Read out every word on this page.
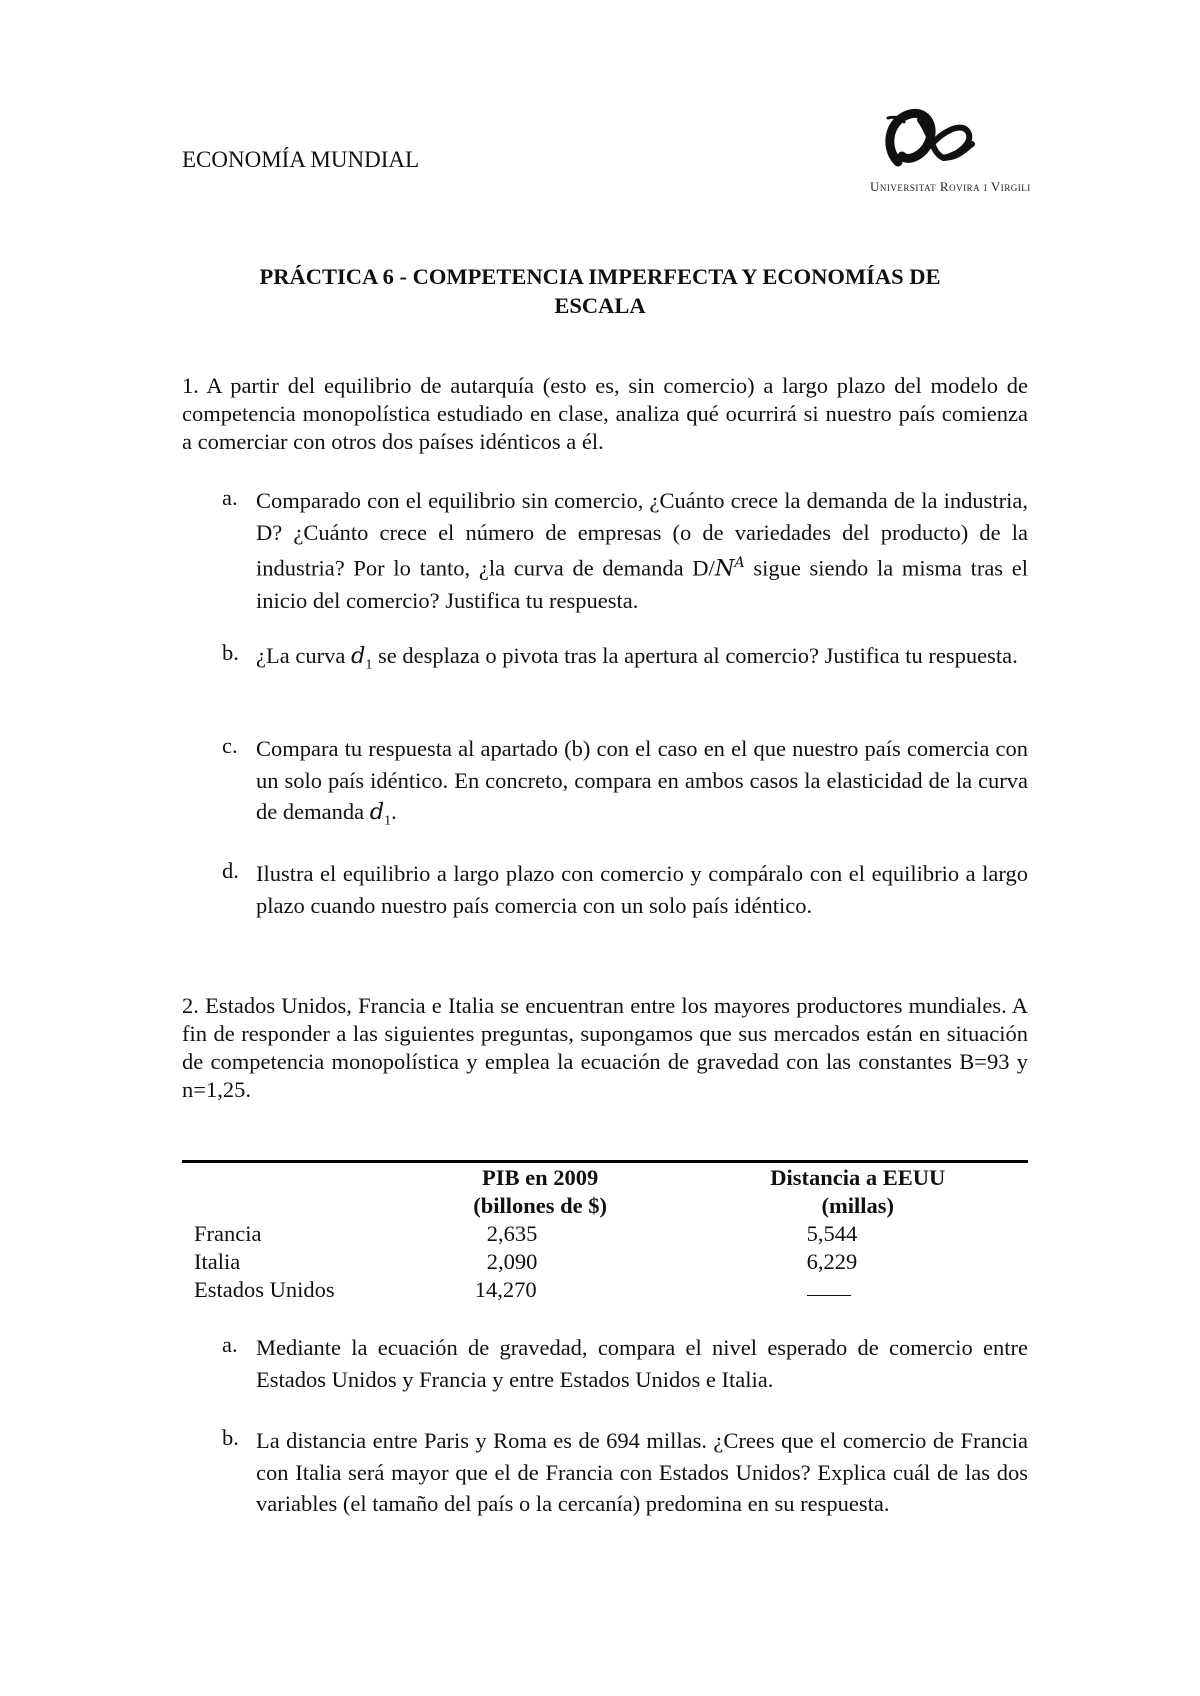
ECONOMÍA MUNDIAL
Universitat Rovira i Virgili
PRÁCTICA 6 - COMPETENCIA IMPERFECTA Y ECONOMÍAS DE
ESCALA
1. A partir del equilibrio de autarquía (esto es, sin comercio) a largo plazo del modelo de competencia monopolística estudiado en clase, analiza qué ocurrirá si nuestro país comienza a comerciar con otros dos países idénticos a él.
a. Comparado con el equilibrio sin comercio, ¿Cuánto crece la demanda de la industria, D? ¿Cuánto crece el número de empresas (o de variedades del producto) de la industria? Por lo tanto, ¿la curva de demanda $D/N^A$ sigue siendo la misma tras el inicio del comercio? Justifica tu respuesta.
b. ¿La curva $d_1$ se desplaza o pivota tras la apertura al comercio? Justifica tu respuesta.
c. Compara tu respuesta al apartado (b) con el caso en el que nuestro país comercia con un solo país idéntico. En concreto, compara en ambos casos la elasticidad de la curva de demanda $d_1$.
d. Ilustra el equilibrio a largo plazo con comercio y compáralo con el equilibrio a largo plazo cuando nuestro país comercia con un solo país idéntico.
2. Estados Unidos, Francia e Italia se encuentran entre los mayores productores mundiales. A fin de responder a las siguientes preguntas, supongamos que sus mercados están en situación de competencia monopolística y emplea la ecuación de gravedad con las constantes B=93 y n=1,25.
	PIB en 2009	Distancia a EEUU
	(billones de $)	(millas)
Francia	2,635	5,544
Italia	2,090	6,229
Estados Unidos	14,270	
a. Mediante la ecuación de gravedad, compara el nivel esperado de comercio entre Estados Unidos y Francia y entre Estados Unidos e Italia.
b. La distancia entre Paris y Roma es de 694 millas. ¿Crees que el comercio de Francia con Italia será mayor que el de Francia con Estados Unidos? Explica cuál de las dos variables (el tamaño del país o la cercanía) predomina en su respuesta.
